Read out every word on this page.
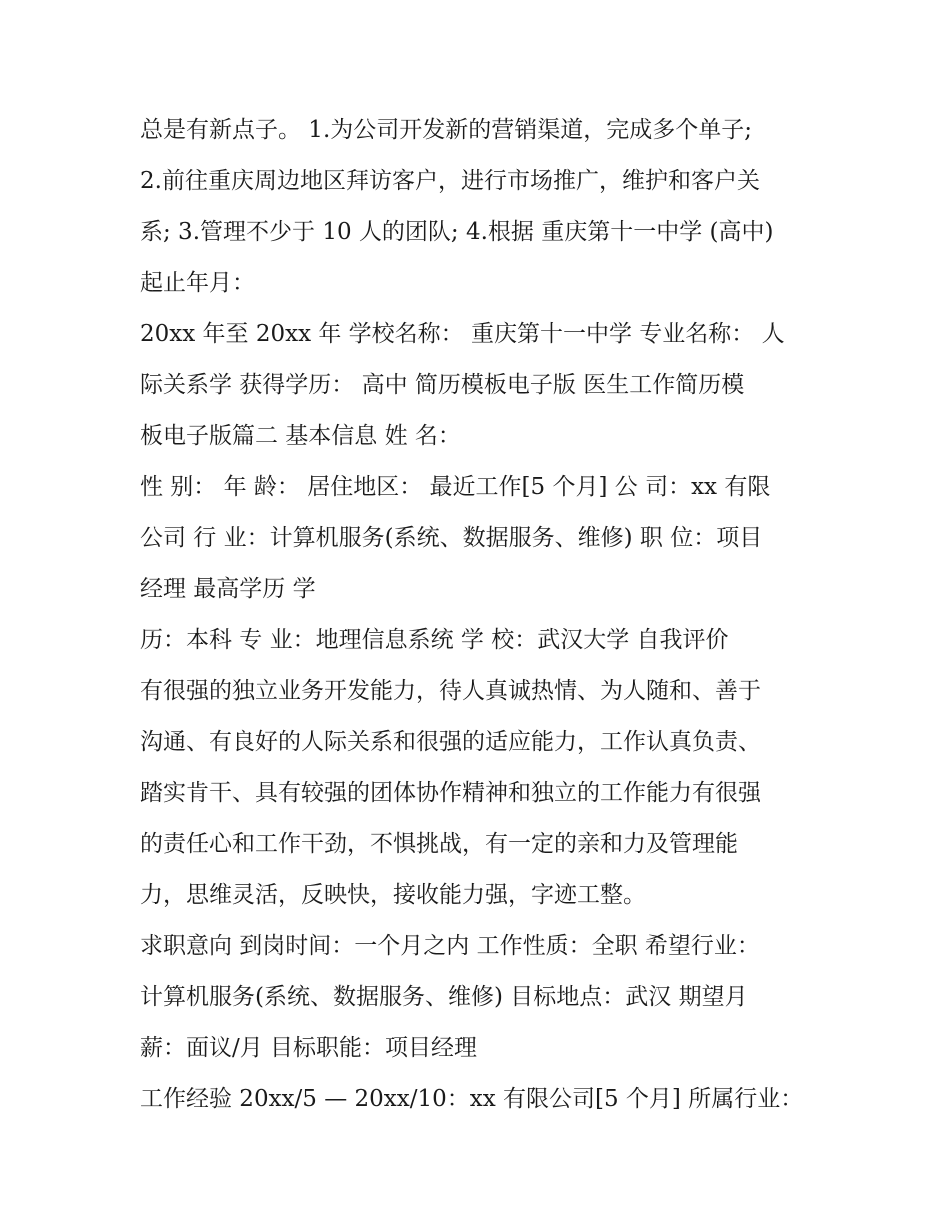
总是有新点子。 1.为公司开发新的营销渠道，完成多个单子;
2.前往重庆周边地区拜访客户，进行市场推广，维护和客户关
系; 3.管理不少于 10 人的团队; 4.根据 重庆第十一中学 (高中)
起止年月：
20xx 年至 20xx 年 学校名称： 重庆第十一中学 专业名称： 人
际关系学 获得学历： 高中 简历模板电子版 医生工作简历模
板电子版篇二 基本信息 姓 名：
性 别： 年 龄： 居住地区： 最近工作[5 个月] 公 司：xx 有限
公司 行 业：计算机服务(系统、数据服务、维修) 职 位：项目
经理 最高学历 学
历：本科 专 业：地理信息系统 学 校：武汉大学 自我评价
有很强的独立业务开发能力，待人真诚热情、为人随和、善于
沟通、有良好的人际关系和很强的适应能力，工作认真负责、
踏实肯干、具有较强的团体协作精神和独立的工作能力有很强
的责任心和工作干劲，不惧挑战，有一定的亲和力及管理能
力，思维灵活，反映快，接收能力强，字迹工整。
求职意向 到岗时间：一个月之内 工作性质：全职 希望行业：
计算机服务(系统、数据服务、维修) 目标地点：武汉 期望月
薪：面议/月 目标职能：项目经理
工作经验 20xx/5 — 20xx/10：xx 有限公司[5 个月] 所属行业：
